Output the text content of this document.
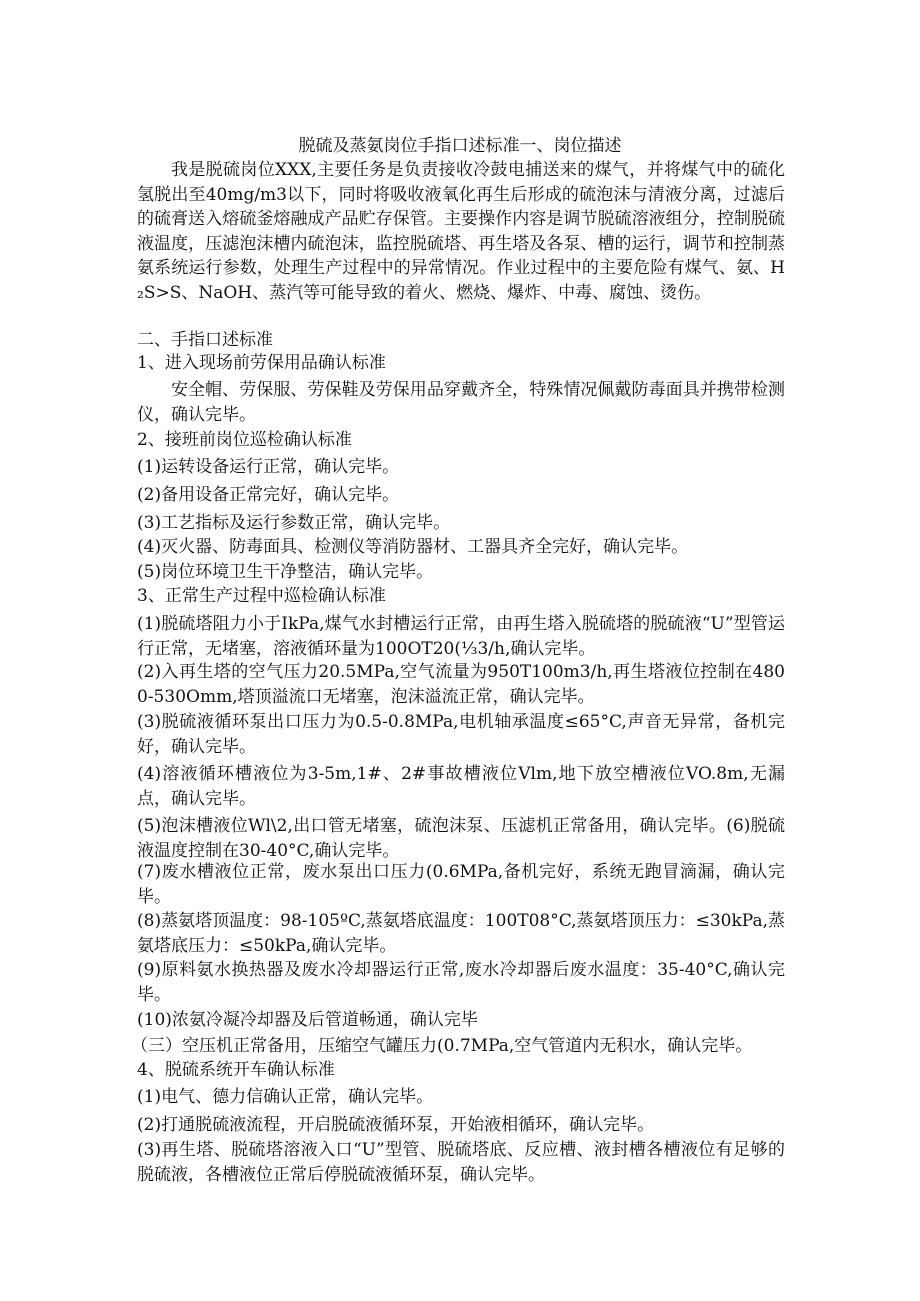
脱硫及蒸氨岗位手指口述标准一、岗位描述

我是脱硫岗位XXX,主要任务是负责接收冷鼓电捕送来的煤气，并将煤气中的硫化氢脱出至40mg∕m3以下，同时将吸收液氧化再生后形成的硫泡沫与清液分离，过滤后的硫膏送入熔硫釜熔融成产品贮存保管。主要操作内容是调节脱硫溶液组分，控制脱硫液温度，压滤泡沫槽内硫泡沫，监控脱硫塔、再生塔及各泵、槽的运行，调节和控制蒸氨系统运行参数，处理生产过程中的异常情况。作业过程中的主要危险有煤气、氨、H₂S>S、NaOH、蒸汽等可能导致的着火、燃烧、爆炸、中毒、腐蚀、烫伤。

二、手指口述标准
1、进入现场前劳保用品确认标准

安全帽、劳保服、劳保鞋及劳保用品穿戴齐全，特殊情况佩戴防毒面具并携带检测仪，确认完毕。

2、接班前岗位巡检确认标准
(1)运转设备运行正常，确认完毕。
(2)备用设备正常完好，确认完毕。
(3)工艺指标及运行参数正常，确认完毕。
(4)灭火器、防毒面具、检测仪等消防器材、工器具齐全完好，确认完毕。
(5)岗位环境卫生干净整洁，确认完毕。
3、正常生产过程中巡检确认标准

(1)脱硫塔阻力小于IkPa,煤气水封槽运行正常，由再生塔入脱硫塔的脱硫液“U”型管运行正常，无堵塞，溶液循环量为100OT20(⅓3∕h,确认完毕。

(2)入再生塔的空气压力20.5MPa,空气流量为950T100m3∕h,再生塔液位控制在4800-530Omm,塔顶溢流口无堵塞，泡沫溢流正常，确认完毕。

(3)脱硫液循环泵出口压力为0.5-0.8MPa,电机轴承温度≤65°C,声音无异常，备机完好，确认完毕。

(4)溶液循环槽液位为3-5m,1#、2#事故槽液位Vlm,地下放空槽液位VO.8m,无漏点，确认完毕。

(5)泡沫槽液位Wl\2,出口管无堵塞，硫泡沫泵、压滤机正常备用，确认完毕。(6)脱硫液温度控制在30-40°C,确认完毕。

(7)废水槽液位正常，废水泵出口压力(0.6MPa,备机完好，系统无跑冒滴漏，确认完毕。

(8)蒸氨塔顶温度：98-105ºC,蒸氨塔底温度：100T08°C,蒸氨塔顶压力：≤30kPa,蒸氨塔底压力：≤50kPa,确认完毕。

(9)原料氨水换热器及废水冷却器运行正常,废水冷却器后废水温度：35-40°C,确认完毕。

(10)浓氨冷凝冷却器及后管道畅通，确认完毕
（三）空压机正常备用，压缩空气罐压力(0.7MPa,空气管道内无积水，确认完毕。
4、脱硫系统开车确认标准
(1)电气、德力信确认正常，确认完毕。
(2)打通脱硫液流程，开启脱硫液循环泵，开始液相循环，确认完毕。

(3)再生塔、脱硫塔溶液入口“U”型管、脱硫塔底、反应槽、液封槽各槽液位有足够的脱硫液，各槽液位正常后停脱硫液循环泵，确认完毕。
